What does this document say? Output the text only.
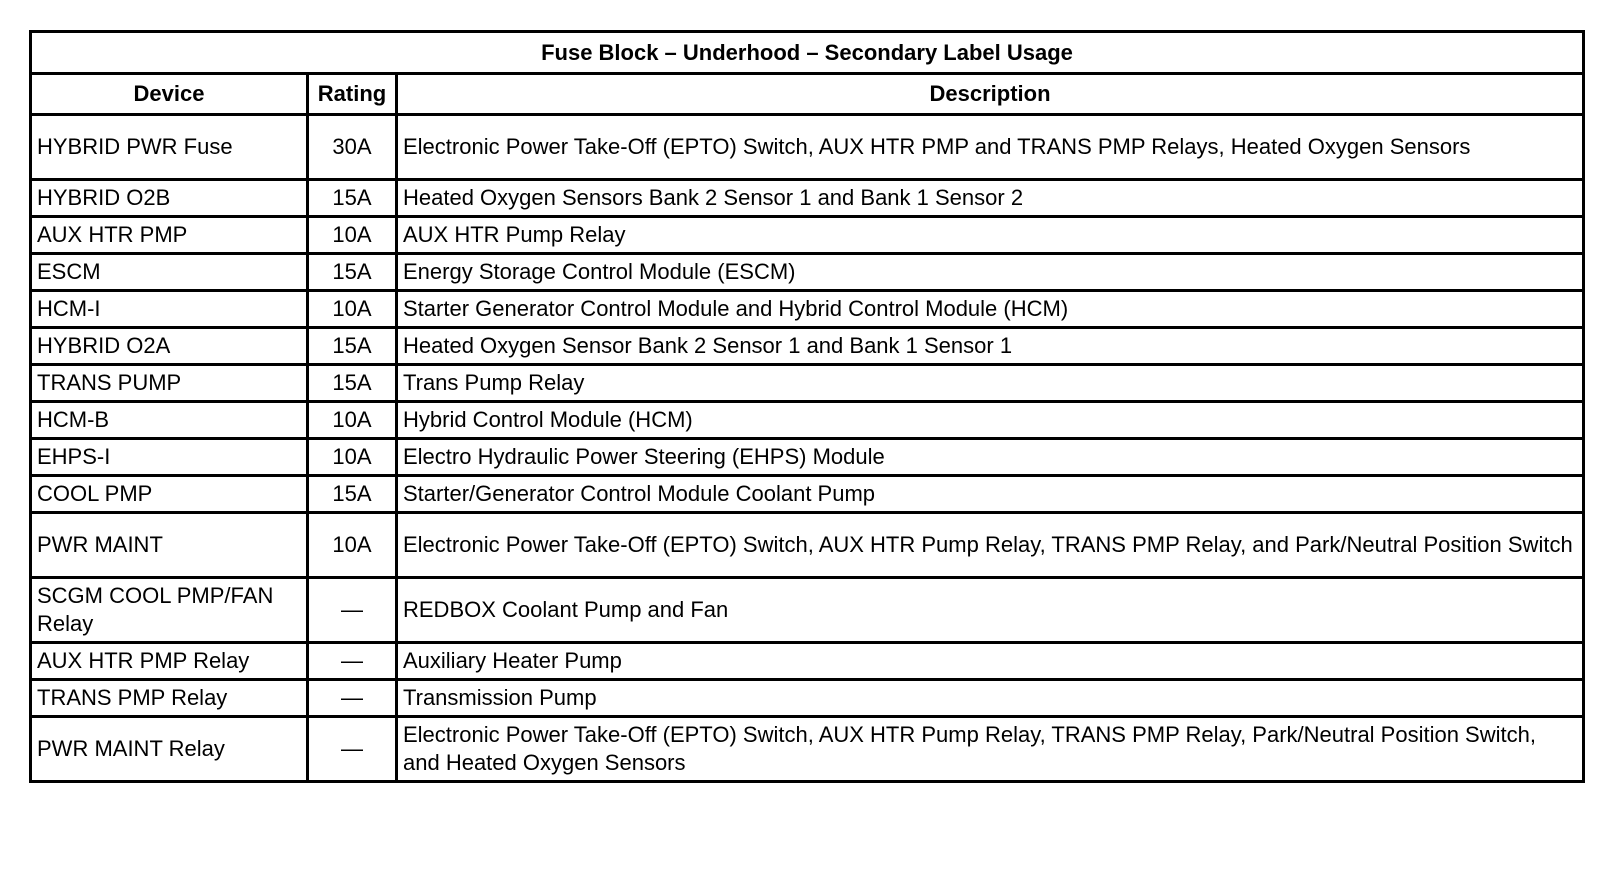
Fuse Block – Underhood – Secondary Label Usage		
Device	Rating	Description
HYBRID PWR Fuse	30A	Electronic Power Take-Off (EPTO) Switch, AUX HTR PMP and TRANS PMP Relays, Heated Oxygen Sensors
HYBRID O2B	15A	Heated Oxygen Sensors Bank 2 Sensor 1 and Bank 1 Sensor 2
AUX HTR PMP	10A	AUX HTR Pump Relay
ESCM	15A	Energy Storage Control Module (ESCM)
HCM-I	10A	Starter Generator Control Module and Hybrid Control Module (HCM)
HYBRID O2A	15A	Heated Oxygen Sensor Bank 2 Sensor 1 and Bank 1 Sensor 1
TRANS PUMP	15A	Trans Pump Relay
HCM-B	10A	Hybrid Control Module (HCM)
EHPS-I	10A	Electro Hydraulic Power Steering (EHPS) Module
COOL PMP	15A	Starter/Generator Control Module Coolant Pump
PWR MAINT	10A	Electronic Power Take-Off (EPTO) Switch, AUX HTR Pump Relay, TRANS PMP Relay, and Park/Neutral Position Switch
SCGM COOL PMP/FAN Relay	—	REDBOX Coolant Pump and Fan
AUX HTR PMP Relay	—	Auxiliary Heater Pump
TRANS PMP Relay	—	Transmission Pump
PWR MAINT Relay	—	Electronic Power Take-Off (EPTO) Switch, AUX HTR Pump Relay, TRANS PMP Relay, Park/Neutral Position Switch, and Heated Oxygen Sensors
